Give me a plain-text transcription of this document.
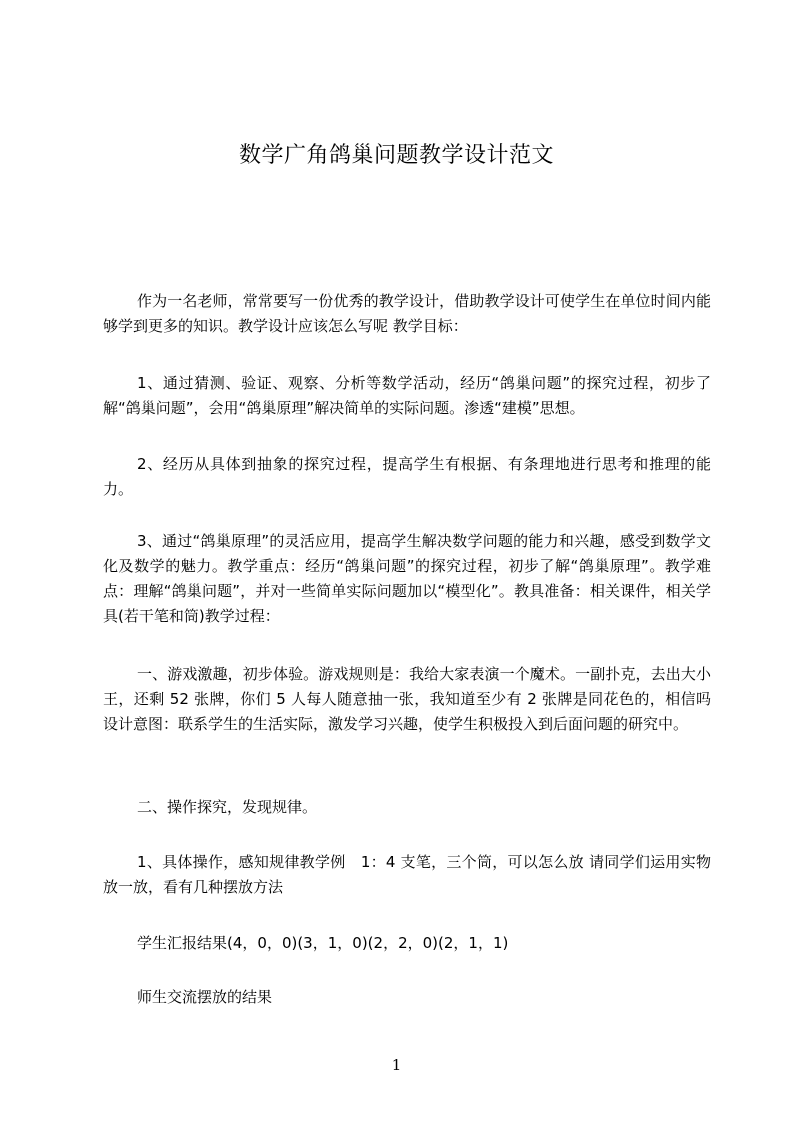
数学广角鸽巢问题教学设计范文

作为一名老师，常常要写一份优秀的教学设计，借助教学设计可使学生在单位时间内能够学到更多的知识。教学设计应该怎么写呢 教学目标：

1、通过猜测、验证、观察、分析等数学活动，经历“鸽巢问题”的探究过程，初步了解“鸽巢问题”，会用“鸽巢原理”解决简单的实际问题。渗透“建模”思想。

2、经历从具体到抽象的探究过程，提高学生有根据、有条理地进行思考和推理的能力。

3、通过“鸽巢原理”的灵活应用，提高学生解决数学问题的能力和兴趣，感受到数学文化及数学的魅力。教学重点：经历“鸽巢问题”的探究过程，初步了解“鸽巢原理”。教学难点：理解“鸽巢问题”，并对一些简单实际问题加以“模型化”。教具准备：相关课件，相关学具(若干笔和筒)教学过程：

一、游戏激趣，初步体验。游戏规则是：我给大家表演一个魔术。一副扑克，去出大小王，还剩 52 张牌，你们 5 人每人随意抽一张，我知道至少有 2 张牌是同花色的，相信吗 设计意图：联系学生的生活实际，激发学习兴趣，使学生积极投入到后面问题的研究中。

二、操作探究，发现规律。

1、具体操作，感知规律教学例　1：4 支笔，三个筒，可以怎么放 请同学们运用实物放一放，看有几种摆放方法

学生汇报结果(4，0，0)(3，1，0)(2，2，0)(2，1，1)

师生交流摆放的结果

1
